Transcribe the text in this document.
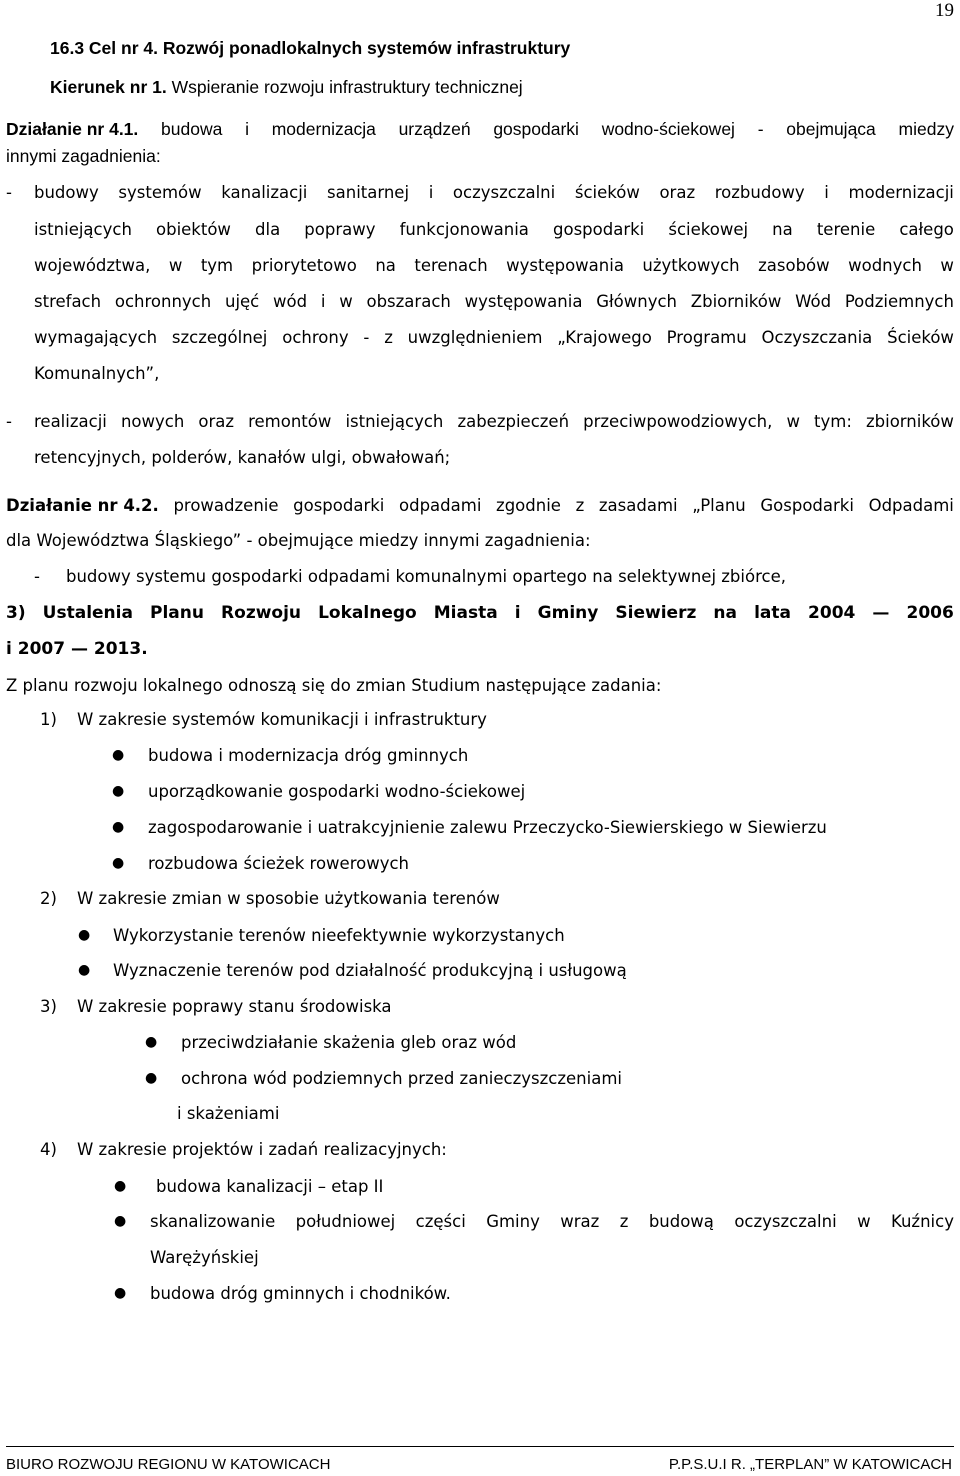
19
16.3 Cel nr 4. Rozwój ponadlokalnych systemów infrastruktury
Kierunek nr 1. Wspieranie rozwoju infrastruktury technicznej
Działanie nr 4.1. budowa i modernizacja urządzeń gospodarki wodno-ściekowej - obejmująca miedzy
innymi zagadnienia:
- budowy systemów kanalizacji sanitarnej i oczyszczalni ścieków oraz rozbudowy i modernizacji
istniejących obiektów dla poprawy funkcjonowania gospodarki ściekowej na terenie całego
województwa, w tym priorytetowo na terenach występowania użytkowych zasobów wodnych w
strefach ochronnych ujęć wód i w obszarach występowania Głównych Zbiorników Wód Podziemnych
wymagających szczególnej ochrony - z uwzględnieniem „Krajowego Programu Oczyszczania Ścieków
Komunalnych”,
- realizacji nowych oraz remontów istniejących zabezpieczeń przeciwpowodziowych, w tym: zbiorników
retencyjnych, polderów, kanałów ulgi, obwałowań;
Działanie nr 4.2. prowadzenie gospodarki odpadami zgodnie z zasadami „Planu Gospodarki Odpadami
dla Województwa Śląskiego” - obejmujące miedzy innymi zagadnienia:
- budowy systemu gospodarki odpadami komunalnymi opartego na selektywnej zbiórce,
3) Ustalenia Planu Rozwoju Lokalnego Miasta i Gminy Siewierz na lata 2004 — 2006
i 2007 — 2013.
Z planu rozwoju lokalnego odnoszą się do zmian Studium następujące zadania:
1) W zakresie systemów komunikacji i infrastruktury
● budowa i modernizacja dróg gminnych
● uporządkowanie gospodarki wodno-ściekowej
● zagospodarowanie i uatrakcyjnienie zalewu Przeczycko-Siewierskiego w Siewierzu
● rozbudowa ścieżek rowerowych
2) W zakresie zmian w sposobie użytkowania terenów
● Wykorzystanie terenów nieefektywnie wykorzystanych
● Wyznaczenie terenów pod działalność produkcyjną i usługową
3) W zakresie poprawy stanu środowiska
● przeciwdziałanie skażenia gleb oraz wód
● ochrona wód podziemnych przed zanieczyszczeniami
i skażeniami
4) W zakresie projektów i zadań realizacyjnych:
● budowa kanalizacji – etap II
● skanalizowanie południowej części Gminy wraz z budową oczyszczalni w Kuźnicy
Warężyńskiej
● budowa dróg gminnych i chodników.
BIURO ROZWOJU REGIONU W KATOWICACH	P.P.S.U.I R. „TERPLAN” W KATOWICACH
